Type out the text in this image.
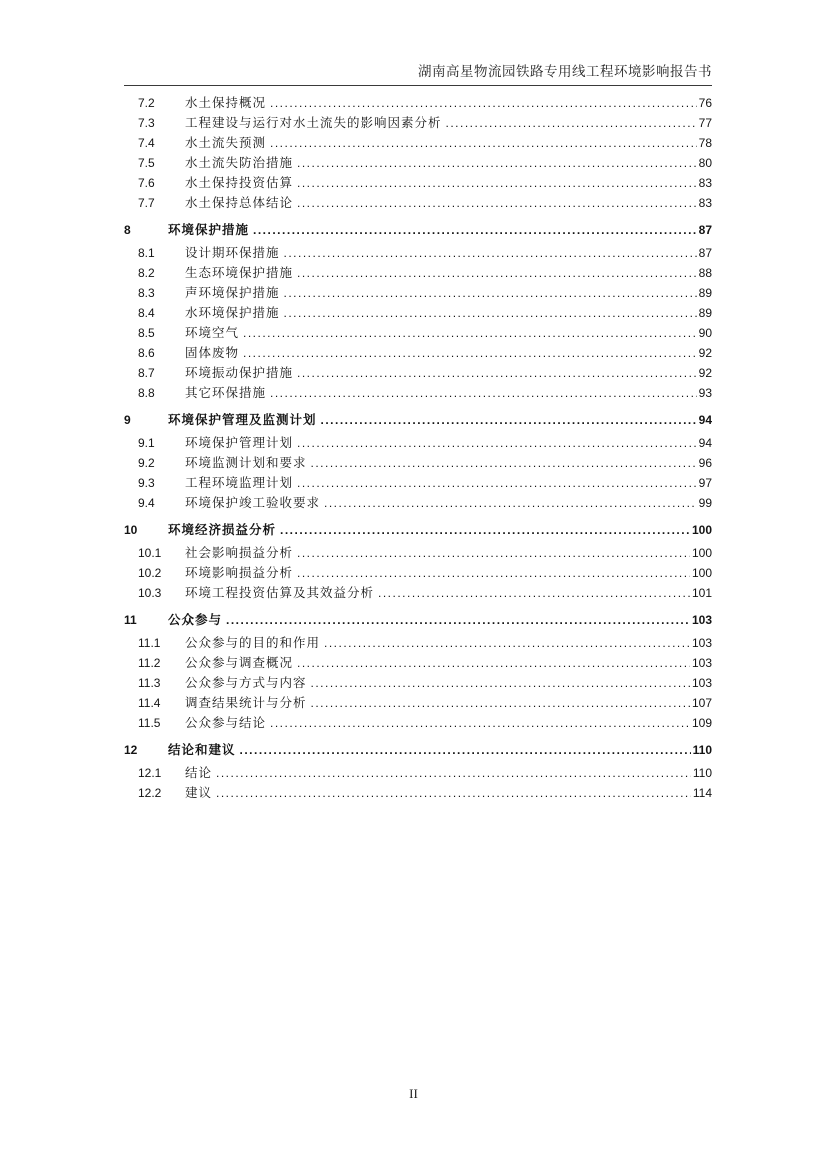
湖南高星物流园铁路专用线工程环境影响报告书
7.2	水土保持概况 .....	76
7.3	工程建设与运行对水土流失的影响因素分析 .....	77
7.4	水土流失预测 .....	78
7.5	水土流失防治措施 .....	80
7.6	水土保持投资估算 .....	83
7.7	水土保持总体结论 .....	83
8	环境保护措施 .....	87
8.1	设计期环保措施 .....	87
8.2	生态环境保护措施 .....	88
8.3	声环境保护措施 .....	89
8.4	水环境保护措施 .....	89
8.5	环境空气 .....	90
8.6	固体废物 .....	92
8.7	环境振动保护措施 .....	92
8.8	其它环保措施 .....	93
9	环境保护管理及监测计划 .....	94
9.1	环境保护管理计划 .....	94
9.2	环境监测计划和要求 .....	96
9.3	工程环境监理计划 .....	97
9.4	环境保护竣工验收要求 .....	99
10	环境经济损益分析 .....	100
10.1	社会影响损益分析 .....	100
10.2	环境影响损益分析 .....	100
10.3	环境工程投资估算及其效益分析 .....	101
11	公众参与 .....	103
11.1	公众参与的目的和作用 .....	103
11.2	公众参与调查概况 .....	103
11.3	公众参与方式与内容 .....	103
11.4	调查结果统计与分析 .....	107
11.5	公众参与结论 .....	109
12	结论和建议 .....	110
12.1	结论 .....	110
12.2	建议 .....	114
II
